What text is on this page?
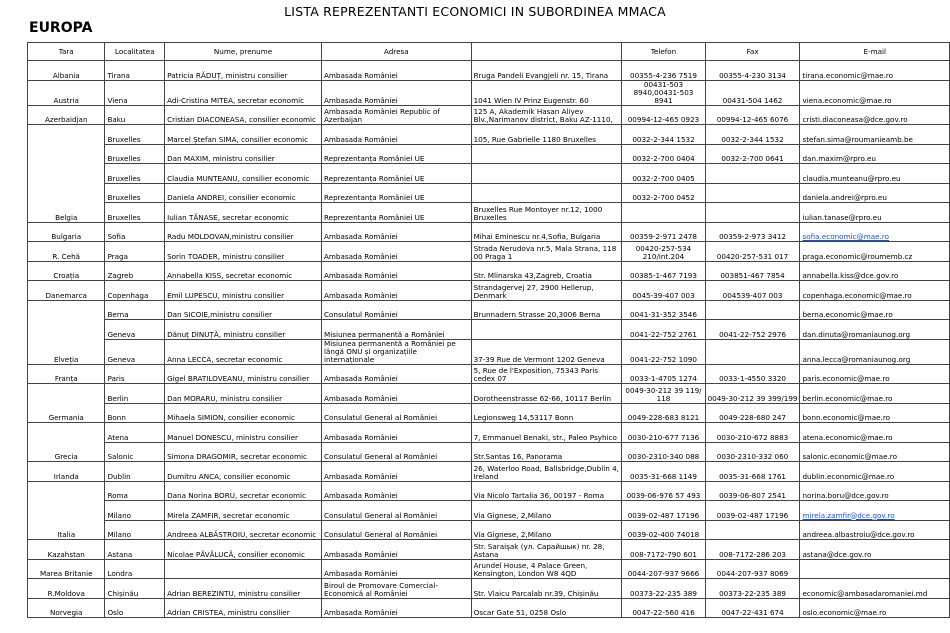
LISTA REPREZENTANTI ECONOMICI IN SUBORDINEA MMACA
EUROPA
Tara	Localitatea	Nume, prenume	Adresa		Telefon	Fax	E-mail
Albania	Tirana	Patricia RĂDUȚ, ministru consilier	Ambasada României	Rruga Pandeli Evangjeli nr. 15, Tirana	00355-4-236 7519	00355-4-230 3134	tirana.economic@mae.ro
Austria	Viena	Adi-Cristina MITEA, secretar economic	Ambasada României	1041 Wien IV Prinz Eugenstr. 60	00431-503 8940,00431-503 8941	00431-504 1462	viena.economic@mae.ro
Azerbaidjan	Baku	Cristian DIACONEASA, consilier economic	Ambasada României Republic of Azerbaijan	125 A, Akademik Hasan Aliyev Blv.,Narimanov district, Baku AZ-1110,	00994-12-465 0923	00994-12-465 6076	cristi.diaconeasa@dce.gov.ro
	Bruxelles	Marcel Ștefan SIMA, consilier economic	Ambasada României	105, Rue Gabrielle 1180 Bruxelles	0032-2-344 1532	0032-2-344 1532	stefan.sima@roumanieamb.be
	Bruxelles	Dan MAXIM, ministru consilier	Reprezentanța României UE		0032-2-700 0404	0032-2-700 0641	dan.maxim@rpro.eu
	Bruxelles	Claudia MUNTEANU, consilier economic	Reprezentanța României UE		0032-2-700 0405		claudia.munteanu@rpro.eu
	Bruxelles	Daniela ANDREI, consilier economic	Reprezentanța României UE		0032-2-700 0452		daniela.andrei@rpro.eu
Belgia	Bruxelles	Iulian TĂNASE, secretar economic	Reprezentanța României UE	Bruxelles Rue Montoyer nr.12, 1000 Bruxelles			iulian.tanase@rpro.eu
Bulgaria	Sofia	Radu MOLDOVAN,ministru consilier	Ambasada României	Mihai Eminescu nr.4,Sofia, Bulgaria	00359-2-971 2478	00359-2-973 3412	sofia.economic@mae.ro
R. Cehă	Praga	Sorin TOADER, ministru consilier	Ambasada României	Strada Nerudova nr.5, Mala Strana, 118 00 Praga 1	00420-257-534 210/int.204	00420-257-531 017	praga.economic@roumemb.cz
Croația	Zagreb	Annabella KISS, secretar economic	Ambasada României	Str. Mlinarska 43,Zagreb, Croatia	00385-1-467 7193	003851-467 7854	annabella.kiss@dce.gov.ro
Danemarca	Copenhaga	Emil LUPESCU, ministru consilier	Ambasada României	Strandagervej 27, 2900 Hellerup, Denmark	0045-39-407 003	004539-407 003	copenhaga.economic@mae.ro
	Berna	Dan SICOIE,ministru consilier	Consulatul României	Brunnadern Strasse 20,3006 Berna	0041-31-352 3546		berna.economic@mae.ro
	Geneva	Dănuț DINUȚĂ, ministru consilier	Misiunea permanentă a României		0041-22-752 2761	0041-22-752 2976	dan.dinuta@romaniaunog.org
Elveția	Geneva	Anna LECCA, secretar economic	Misiunea permanentă a României pe lângă ONU și organizațiile internaționale	37-39 Rue de Vermont 1202 Geneva	0041-22-752 1090		anna.lecca@romaniaunog.org
Franța	Paris	Gigel BRATILOVEANU, ministru consilier	Ambasada României	5, Rue de l'Exposition, 75343 Paris cedex 07	0033-1-4705 1274	0033-1-4550 3320	paris.economic@mae.ro
	Berlin	Dan MORARU, ministru consilier	Ambasada României	Dorotheenstrasse 62-66, 10117 Berlin	0049-30-212 39 119/ 118	0049-30-212 39 399/199	berlin.economic@mae.ro
Germania	Bonn	Mihaela SIMION, consilier economic	Consulatul General al României	Legionsweg 14,53117 Bonn	0049-228-683 8121	0049-228-680 247	bonn.economic@mae.ro
	Atena	Manuel DONESCU, ministru consilier	Ambasada României	7, Emmanuel Benaki, str., Paleo Psyhico	0030-210-677 7136	0030-210-672 8883	atena.economic@mae.ro
Grecia	Salonic	Simona DRAGOMIR, secretar economic	Consulatul General al României	Str.Santas 16, Panorama	0030-2310-340 088	0030-2310-332 060	salonic.economic@mae.ro
Irlanda	Dublin	Dumitru ANCA, consilier economic	Ambasada României	26, Waterloo Road, Ballsbridge,Dublin 4, Ireland	0035-31-668 1149	0035-31-668 1761	dublin.economic@mae.ro
	Roma	Dana Norina BORU, secretar economic	Ambasada României	Via Nicolo Tartalia 36, 00197 - Roma	0039-06-976 57 493	0039-06-807 2541	norina.boru@dce.gov.ro
	Milano	Mirela ZAMFIR, secretar economic	Consulatul General al României	Via Gignese, 2,Milano	0039-02-487 17196	0039-02-487 17196	mirela.zamfir@dce.gov.ro
Italia	Milano	Andreea ALBĂSTROIU, secretar economic	Consulatul General al României	Via Gignese, 2,Milano	0039-02-400 74018		andreea.albastroiu@dce.gov.ro
Kazahstan	Astana	Nicolae PĂVĂLUCĂ, consilier economic	Ambasada României	Str. Saraişak (ул. Сарайшык) nr. 28, Astana	008-7172-790 601	008-7172-286 203	astana@dce.gov.ro
Marea Britanie	Londra		Ambasada României	Arundel House, 4 Palace Green, Kensington, London W8 4QD	0044-207-937 9666	0044-207-937 8069	
R.Moldova	Chișinău	Adrian BEREZINTU, ministru consilier	Biroul de Promovare Comercial-Economică al României	Str. Vlaicu Parcalab nr.39, Chișinău	00373-22-235 389	00373-22-235 389	economic@ambasadaromaniei.md
Norvegia	Oslo	Adrian CRISTEA, ministru consilier	Ambasada României	Oscar Gate 51, 0258 Oslo	0047-22-560 416	0047-22-431 674	oslo.economic@mae.ro
